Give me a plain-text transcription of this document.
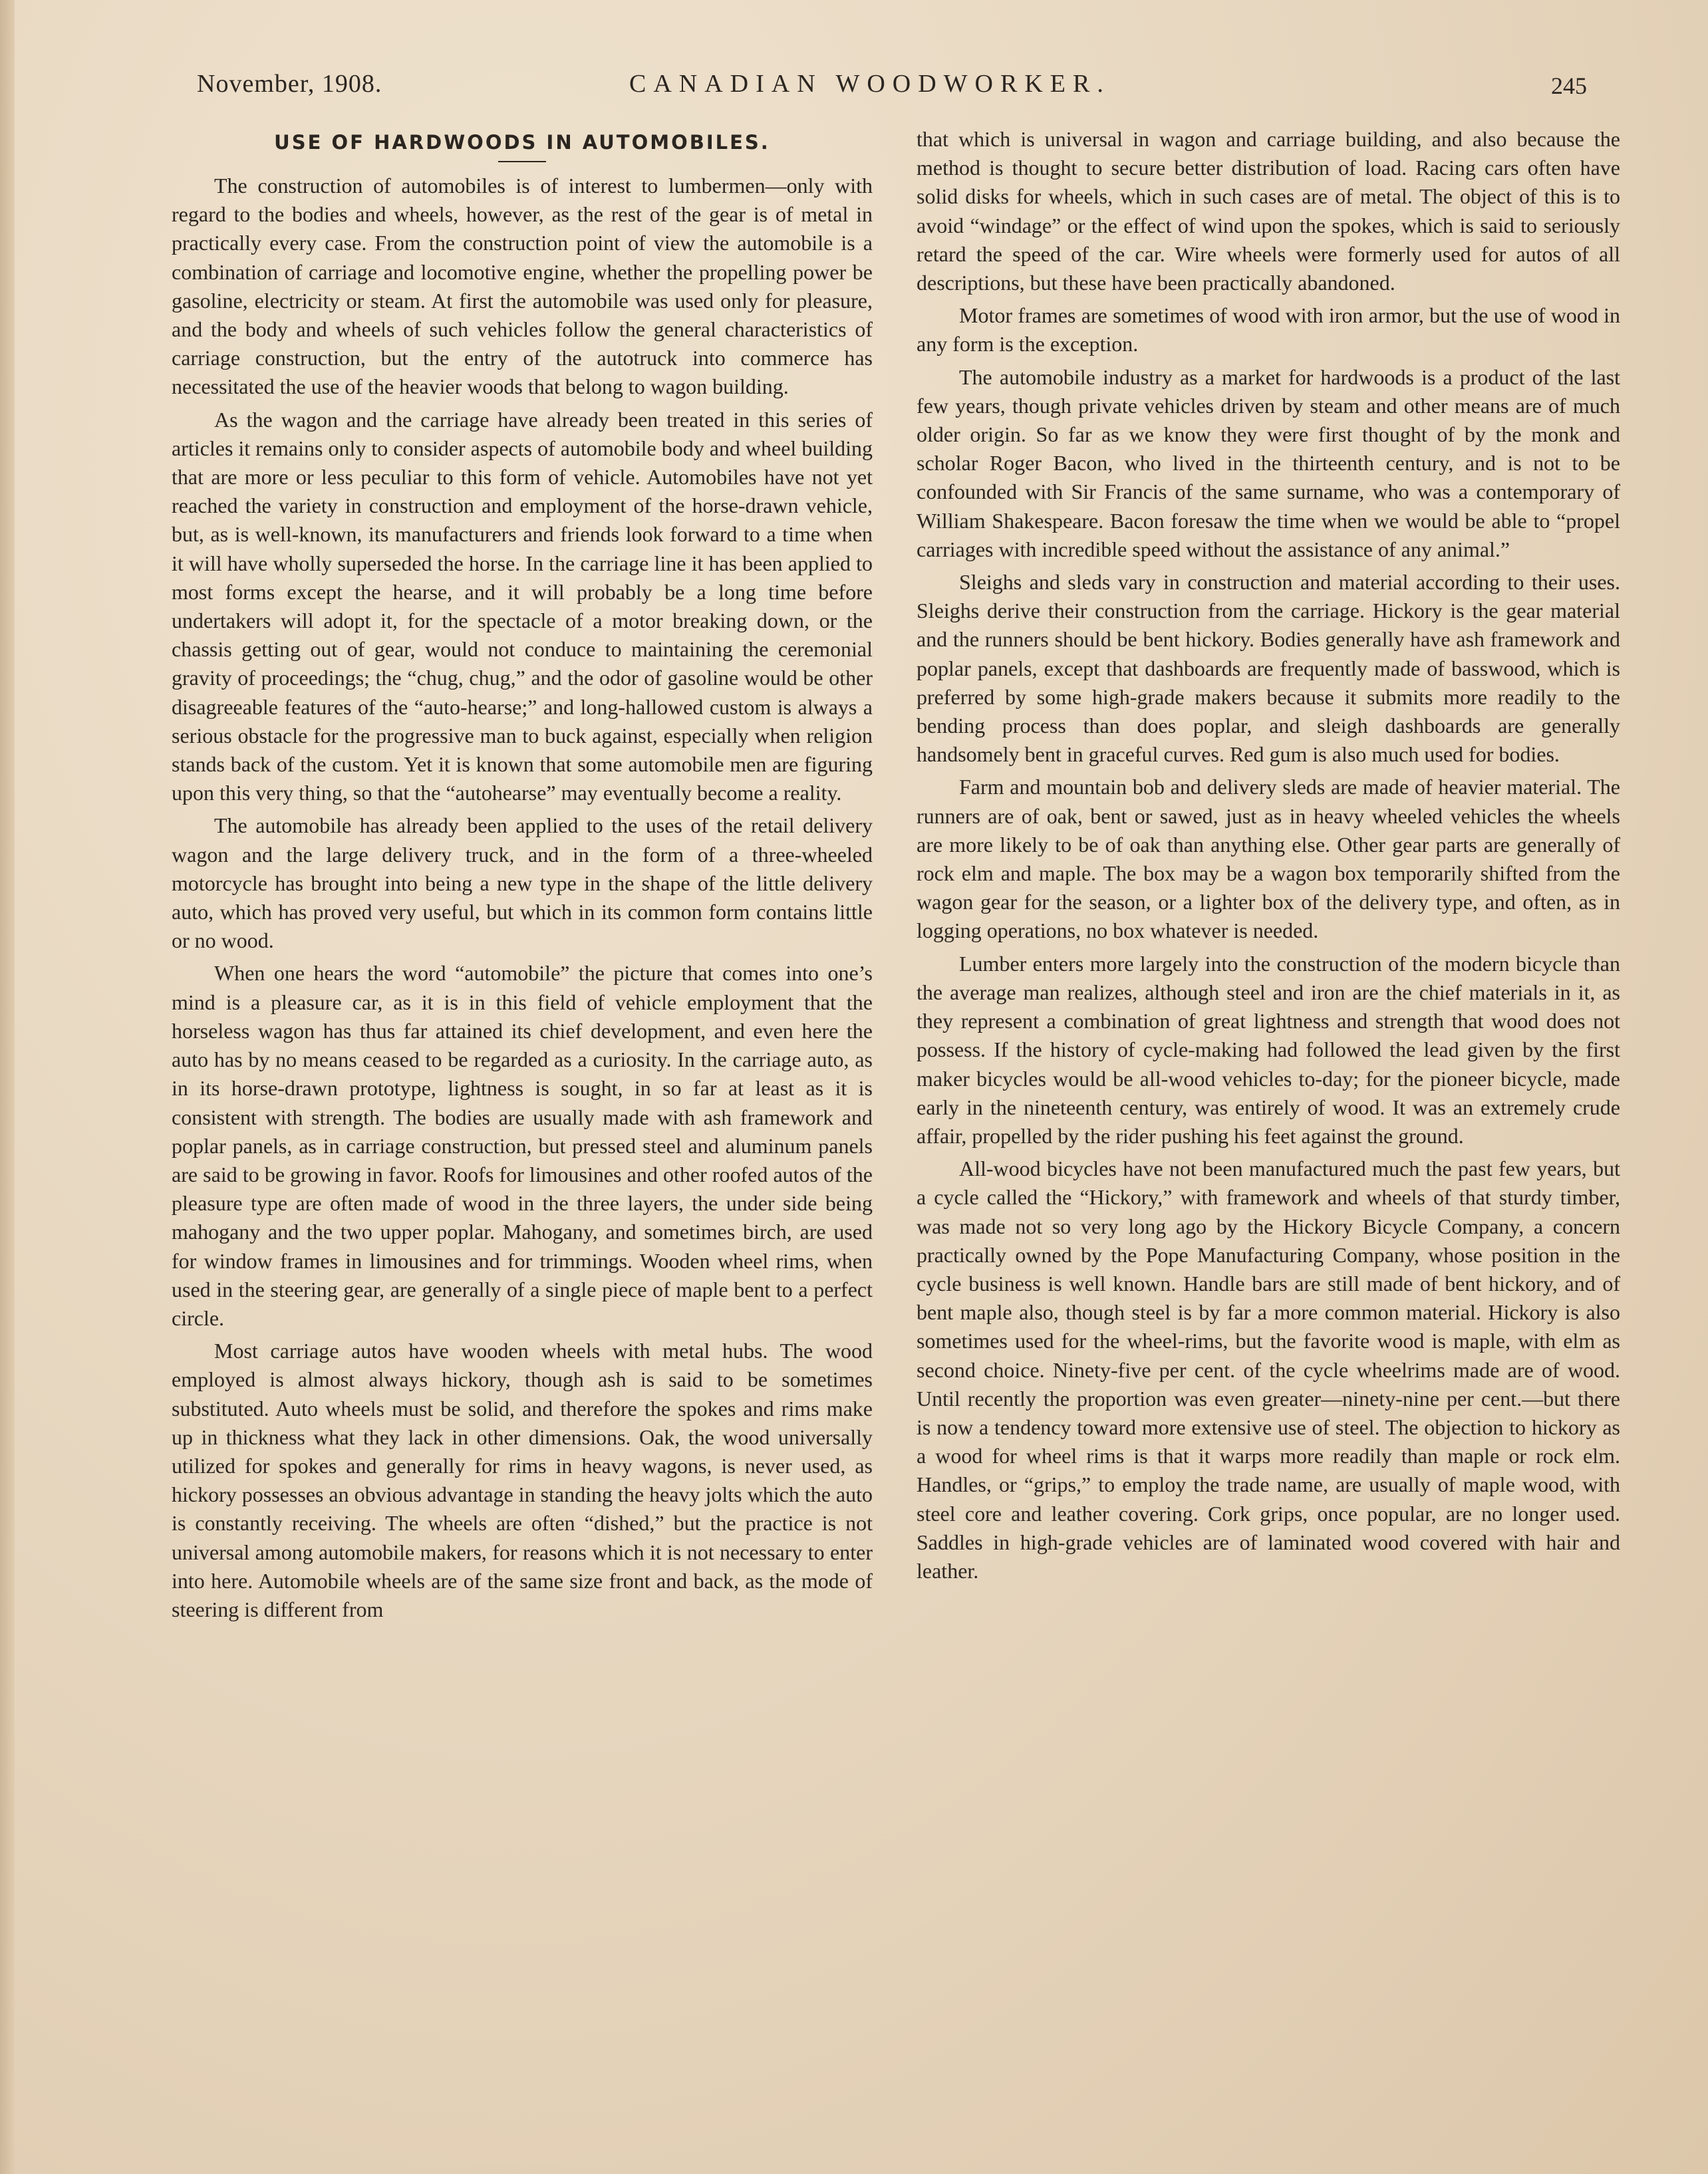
November, 1908.	CANADIAN WOODWORKER.	245
USE OF HARDWOODS IN AUTOMOBILES.

The construction of automobiles is of interest to lumbermen—only with regard to the bodies and wheels, however, as the rest of the gear is of metal in practically every case. From the construction point of view the automobile is a combination of carriage and locomotive engine, whether the propelling power be gasoline, electricity or steam. At first the automobile was used only for pleasure, and the body and wheels of such vehicles follow the general characteristics of carriage construction, but the entry of the autotruck into commerce has necessitated the use of the heavier woods that belong to wagon building.

As the wagon and the carriage have already been treated in this series of articles it remains only to consider aspects of automobile body and wheel building that are more or less peculiar to this form of vehicle. Automobiles have not yet reached the variety in construction and employment of the horse-drawn vehicle, but, as is well-known, its manufacturers and friends look forward to a time when it will have wholly superseded the horse. In the carriage line it has been applied to most forms except the hearse, and it will probably be a long time before undertakers will adopt it, for the spectacle of a motor breaking down, or the chassis getting out of gear, would not conduce to maintaining the ceremonial gravity of proceedings; the “chug, chug,” and the odor of gasoline would be other disagreeable features of the “auto-hearse;” and long-hallowed custom is always a serious obstacle for the progressive man to buck against, especially when religion stands back of the custom. Yet it is known that some automobile men are figuring upon this very thing, so that the “autohearse” may eventually become a reality.

The automobile has already been applied to the uses of the retail delivery wagon and the large delivery truck, and in the form of a three-wheeled motorcycle has brought into being a new type in the shape of the little delivery auto, which has proved very useful, but which in its common form contains little or no wood.

When one hears the word “automobile” the picture that comes into one’s mind is a pleasure car, as it is in this field of vehicle employment that the horseless wagon has thus far attained its chief development, and even here the auto has by no means ceased to be regarded as a curiosity. In the carriage auto, as in its horse-drawn prototype, lightness is sought, in so far at least as it is consistent with strength. The bodies are usually made with ash framework and poplar panels, as in carriage construction, but pressed steel and aluminum panels are said to be growing in favor. Roofs for limousines and other roofed autos of the pleasure type are often made of wood in the three layers, the under side being mahogany and the two upper poplar. Mahogany, and sometimes birch, are used for window frames in limousines and for trimmings. Wooden wheel rims, when used in the steering gear, are generally of a single piece of maple bent to a perfect circle.

Most carriage autos have wooden wheels with metal hubs. The wood employed is almost always hickory, though ash is said to be sometimes substituted. Auto wheels must be solid, and therefore the spokes and rims make up in thickness what they lack in other dimensions. Oak, the wood universally utilized for spokes and generally for rims in heavy wagons, is never used, as hickory possesses an obvious advantage in standing the heavy jolts which the auto is constantly receiving. The wheels are often “dished,” but the practice is not universal among automobile makers, for reasons which it is not necessary to enter into here. Automobile wheels are of the same size front and back, as the mode of steering is different from

that which is universal in wagon and carriage building, and also because the method is thought to secure better distribution of load. Racing cars often have solid disks for wheels, which in such cases are of metal. The object of this is to avoid “windage” or the effect of wind upon the spokes, which is said to seriously retard the speed of the car. Wire wheels were formerly used for autos of all descriptions, but these have been practically abandoned.

Motor frames are sometimes of wood with iron armor, but the use of wood in any form is the exception.

The automobile industry as a market for hardwoods is a product of the last few years, though private vehicles driven by steam and other means are of much older origin. So far as we know they were first thought of by the monk and scholar Roger Bacon, who lived in the thirteenth century, and is not to be confounded with Sir Francis of the same surname, who was a contemporary of William Shakespeare. Bacon foresaw the time when we would be able to “propel carriages with incredible speed without the assistance of any animal.”

Sleighs and sleds vary in construction and material according to their uses. Sleighs derive their construction from the carriage. Hickory is the gear material and the runners should be bent hickory. Bodies generally have ash framework and poplar panels, except that dashboards are frequently made of basswood, which is preferred by some high-grade makers because it submits more readily to the bending process than does poplar, and sleigh dashboards are generally handsomely bent in graceful curves. Red gum is also much used for bodies.

Farm and mountain bob and delivery sleds are made of heavier material. The runners are of oak, bent or sawed, just as in heavy wheeled vehicles the wheels are more likely to be of oak than anything else. Other gear parts are generally of rock elm and maple. The box may be a wagon box temporarily shifted from the wagon gear for the season, or a lighter box of the delivery type, and often, as in logging operations, no box whatever is needed.

Lumber enters more largely into the construction of the modern bicycle than the average man realizes, although steel and iron are the chief materials in it, as they represent a combination of great lightness and strength that wood does not possess. If the history of cycle-making had followed the lead given by the first maker bicycles would be all-wood vehicles to-day; for the pioneer bicycle, made early in the nineteenth century, was entirely of wood. It was an extremely crude affair, propelled by the rider pushing his feet against the ground.

All-wood bicycles have not been manufactured much the past few years, but a cycle called the “Hickory,” with framework and wheels of that sturdy timber, was made not so very long ago by the Hickory Bicycle Company, a concern practically owned by the Pope Manufacturing Company, whose position in the cycle business is well known. Handle bars are still made of bent hickory, and of bent maple also, though steel is by far a more common material. Hickory is also sometimes used for the wheel-rims, but the favorite wood is maple, with elm as second choice. Ninety-five per cent. of the cycle wheelrims made are of wood. Until recently the proportion was even greater—ninety-nine per cent.—but there is now a tendency toward more extensive use of steel. The objection to hickory as a wood for wheel rims is that it warps more readily than maple or rock elm. Handles, or “grips,” to employ the trade name, are usually of maple wood, with steel core and leather covering. Cork grips, once popular, are no longer used. Saddles in high-grade vehicles are of laminated wood covered with hair and leather.
